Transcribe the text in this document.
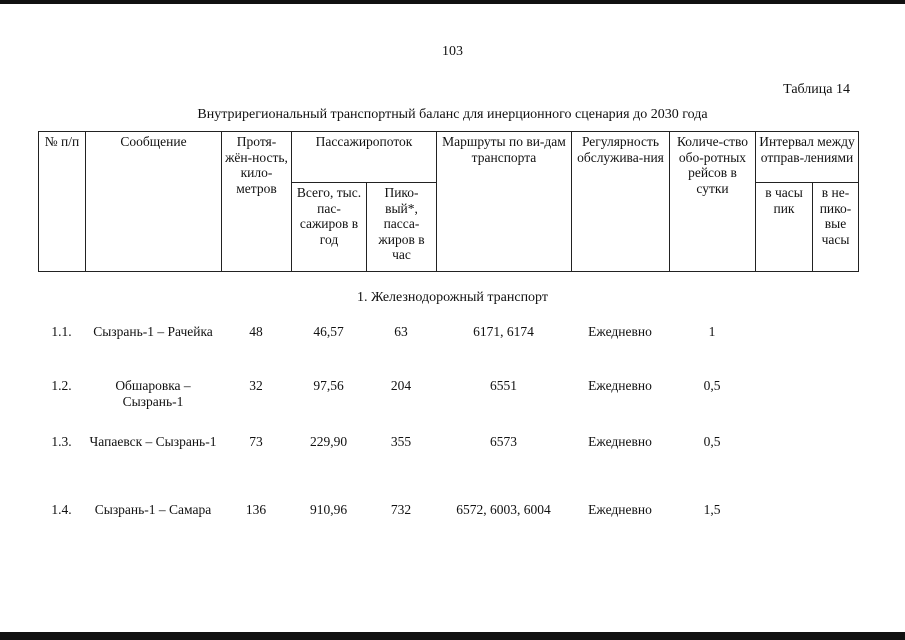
103
Таблица 14
Внутрирегиональный транспортный баланс для инерционного сценария до 2030 года
№ п/п	Сообщение	Протя-жён-ность, кило-метров	Пассажиропоток		Маршруты по ви-дам транспорта	Регулярность обслужива-ния	Количе-ство обо-ротных рейсов в сутки	Интервал между отправ-лениями	
			Всего, тыс. пас-сажиров в год	Пико-вый*, пасса-жиров в час				в часы пик	в не-пико-вые часы
1. Железнодорожный транспорт
1.1.	Сызрань-1 – Рачейка	48	46,57	63	6171, 6174	Ежедневно	1		
1.2.	Обшаровка – Сызрань-1	32	97,56	204	6551	Ежедневно	0,5		
1.3.	Чапаевск – Сызрань-1	73	229,90	355	6573	Ежедневно	0,5		
1.4.	Сызрань-1 – Самара	136	910,96	732	6572, 6003, 6004	Ежедневно	1,5		
